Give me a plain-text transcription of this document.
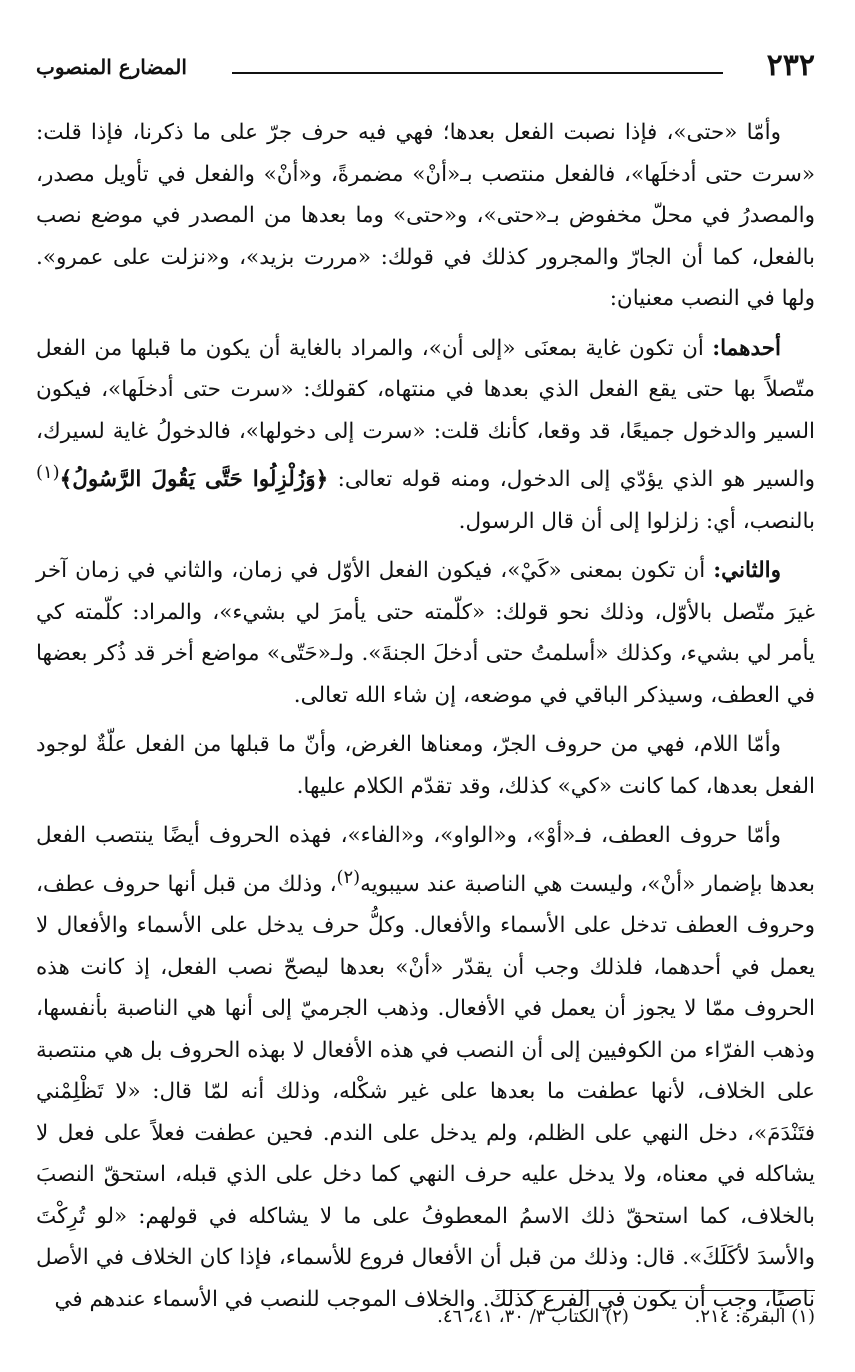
٢٣٢
المضارع المنصوب

وأمّا «حتى»، فإذا نصبت الفعل بعدها؛ فهي فيه حرف جرّ على ما ذكرنا، فإذا قلت: «سرت حتى أدخلَها»، فالفعل منتصب بـ«أنْ» مضمرةً، و«أنْ» والفعل في تأويل مصدر، والمصدرُ في محلّ مخفوض بـ«حتى»، و«حتى» وما بعدها من المصدر في موضع نصب بالفعل، كما أن الجارّ والمجرور كذلك في قولك: «مررت بزيد»، و«نزلت على عمرو». ولها في النصب معنيان:

أحدهما: أن تكون غاية بمعنَى «إلى أن»، والمراد بالغاية أن يكون ما قبلها من الفعل متّصلاً بها حتى يقع الفعل الذي بعدها في منتهاه، كقولك: «سرت حتى أدخلَها»، فيكون السير والدخول جميعًا، قد وقعا، كأنك قلت: «سرت إلى دخولها»، فالدخولُ غاية لسيرك، والسير هو الذي يؤدّي إلى الدخول، ومنه قوله تعالى: ﴿وَزُلْزِلُوا حَتَّى يَقُولَ الرَّسُولُ﴾$^{(١)}$ بالنصب، أي: زلزلوا إلى أن قال الرسول.

والثاني: أن تكون بمعنى «كَيْ»، فيكون الفعل الأوّل في زمان، والثاني في زمان آخر غيرَ متّصل بالأوّل، وذلك نحو قولك: «كلّمته حتى يأمرَ لي بشيء»، والمراد: كلّمته كي يأمر لي بشيء، وكذلك «أسلمتُ حتى أدخلَ الجنةَ». ولـ«حَتّى» مواضع أخر قد ذُكر بعضها في العطف، وسيذكر الباقي في موضعه، إن شاء الله تعالى.

وأمّا اللام، فهي من حروف الجرّ، ومعناها الغرض، وأنّ ما قبلها من الفعل علّةٌ لوجود الفعل بعدها، كما كانت «كي» كذلك، وقد تقدّم الكلام عليها.

وأمّا حروف العطف، فـ«أوْ»، و«الواو»، و«الفاء»، فهذه الحروف أيضًا ينتصب الفعل بعدها بإضمار «أنْ»، وليست هي الناصبة عند سيبويه$^{(٢)}$، وذلك من قبل أنها حروف عطف، وحروف العطف تدخل على الأسماء والأفعال. وكلُّ حرف يدخل على الأسماء والأفعال لا يعمل في أحدهما، فلذلك وجب أن يقدّر «أنْ» بعدها ليصحّ نصب الفعل، إذ كانت هذه الحروف ممّا لا يجوز أن يعمل في الأفعال. وذهب الجرميّ إلى أنها هي الناصبة بأنفسها، وذهب الفرّاء من الكوفيين إلى أن النصب في هذه الأفعال لا بهذه الحروف بل هي منتصبة على الخلاف، لأنها عطفت ما بعدها على غير شكْله، وذلك أنه لمّا قال: «لا تَظْلِمْني فتَنْدَمَ»، دخل النهي على الظلم، ولم يدخل على الندم. فحين عطفت فعلاً على فعل لا يشاكله في معناه، ولا يدخل عليه حرف النهي كما دخل على الذي قبله، استحقّ النصبَ بالخلاف، كما استحقّ ذلك الاسمُ المعطوفُ على ما لا يشاكله في قولهم: «لو تُرِكْتَ والأسدَ لأكَلَكَ». قال: وذلك من قبل أن الأفعال فروع للأسماء، فإذا كان الخلاف في الأصل ناصبًا، وجب أن يكون في الفرع كذلك. والخلاف الموجب للنصب في الأسماء عندهم في

(١) البقرة: ٢١٤. (٢) الكتاب ٣/ ٣٠، ٤١، ٤٦.
